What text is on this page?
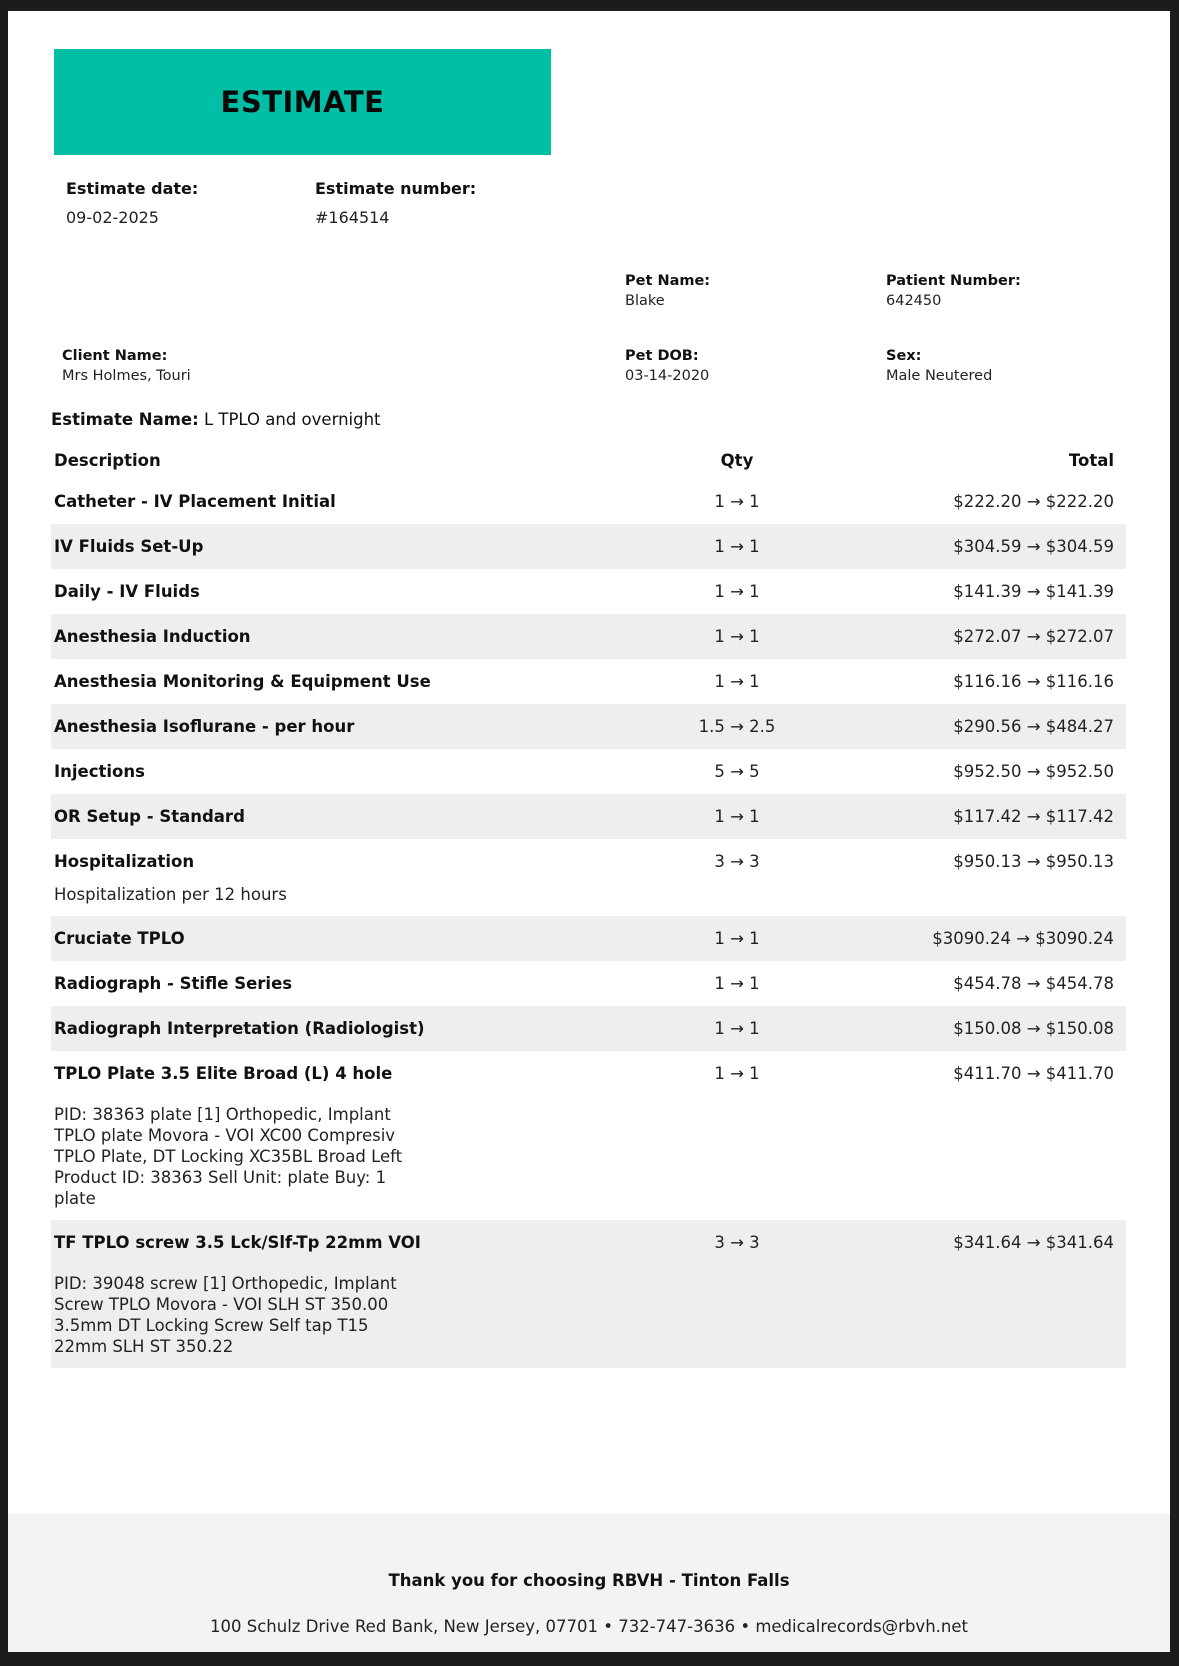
ESTIMATE
Estimate date:
09-02-2025
Estimate number:
#164514
Pet Name:
Blake
Patient Number:
642450
Client Name:
Mrs Holmes, Touri
Pet DOB:
03-14-2020
Sex:
Male Neutered
Estimate Name: L TPLO and overnight
Description	Qty	Total
Catheter - IV Placement Initial	1 → 1	$222.20 → $222.20
IV Fluids Set-Up	1 → 1	$304.59 → $304.59
Daily - IV Fluids	1 → 1	$141.39 → $141.39
Anesthesia Induction	1 → 1	$272.07 → $272.07
Anesthesia Monitoring & Equipment Use	1 → 1	$116.16 → $116.16
Anesthesia Isoflurane - per hour	1.5 → 2.5	$290.56 → $484.27
Injections	5 → 5	$952.50 → $952.50
OR Setup - Standard	1 → 1	$117.42 → $117.42
Hospitalization	3 → 3	$950.13 → $950.13
Hospitalization per 12 hours
Cruciate TPLO	1 → 1	$3090.24 → $3090.24
Radiograph - Stifle Series	1 → 1	$454.78 → $454.78
Radiograph Interpretation (Radiologist)	1 → 1	$150.08 → $150.08
TPLO Plate 3.5 Elite Broad (L) 4 hole	1 → 1	$411.70 → $411.70
PID: 38363 plate [1] Orthopedic, Implant TPLO plate Movora - VOI XC00 Compresiv TPLO Plate, DT Locking XC35BL Broad Left Product ID: 38363 Sell Unit: plate Buy: 1 plate
TF TPLO screw 3.5 Lck/Slf-Tp 22mm VOI	3 → 3	$341.64 → $341.64
PID: 39048 screw [1] Orthopedic, Implant Screw TPLO Movora - VOI SLH ST 350.00 3.5mm DT Locking Screw Self tap T15 22mm SLH ST 350.22
Thank you for choosing RBVH - Tinton Falls
100 Schulz Drive Red Bank, New Jersey, 07701 • 732-747-3636 • medicalrecords@rbvh.net
